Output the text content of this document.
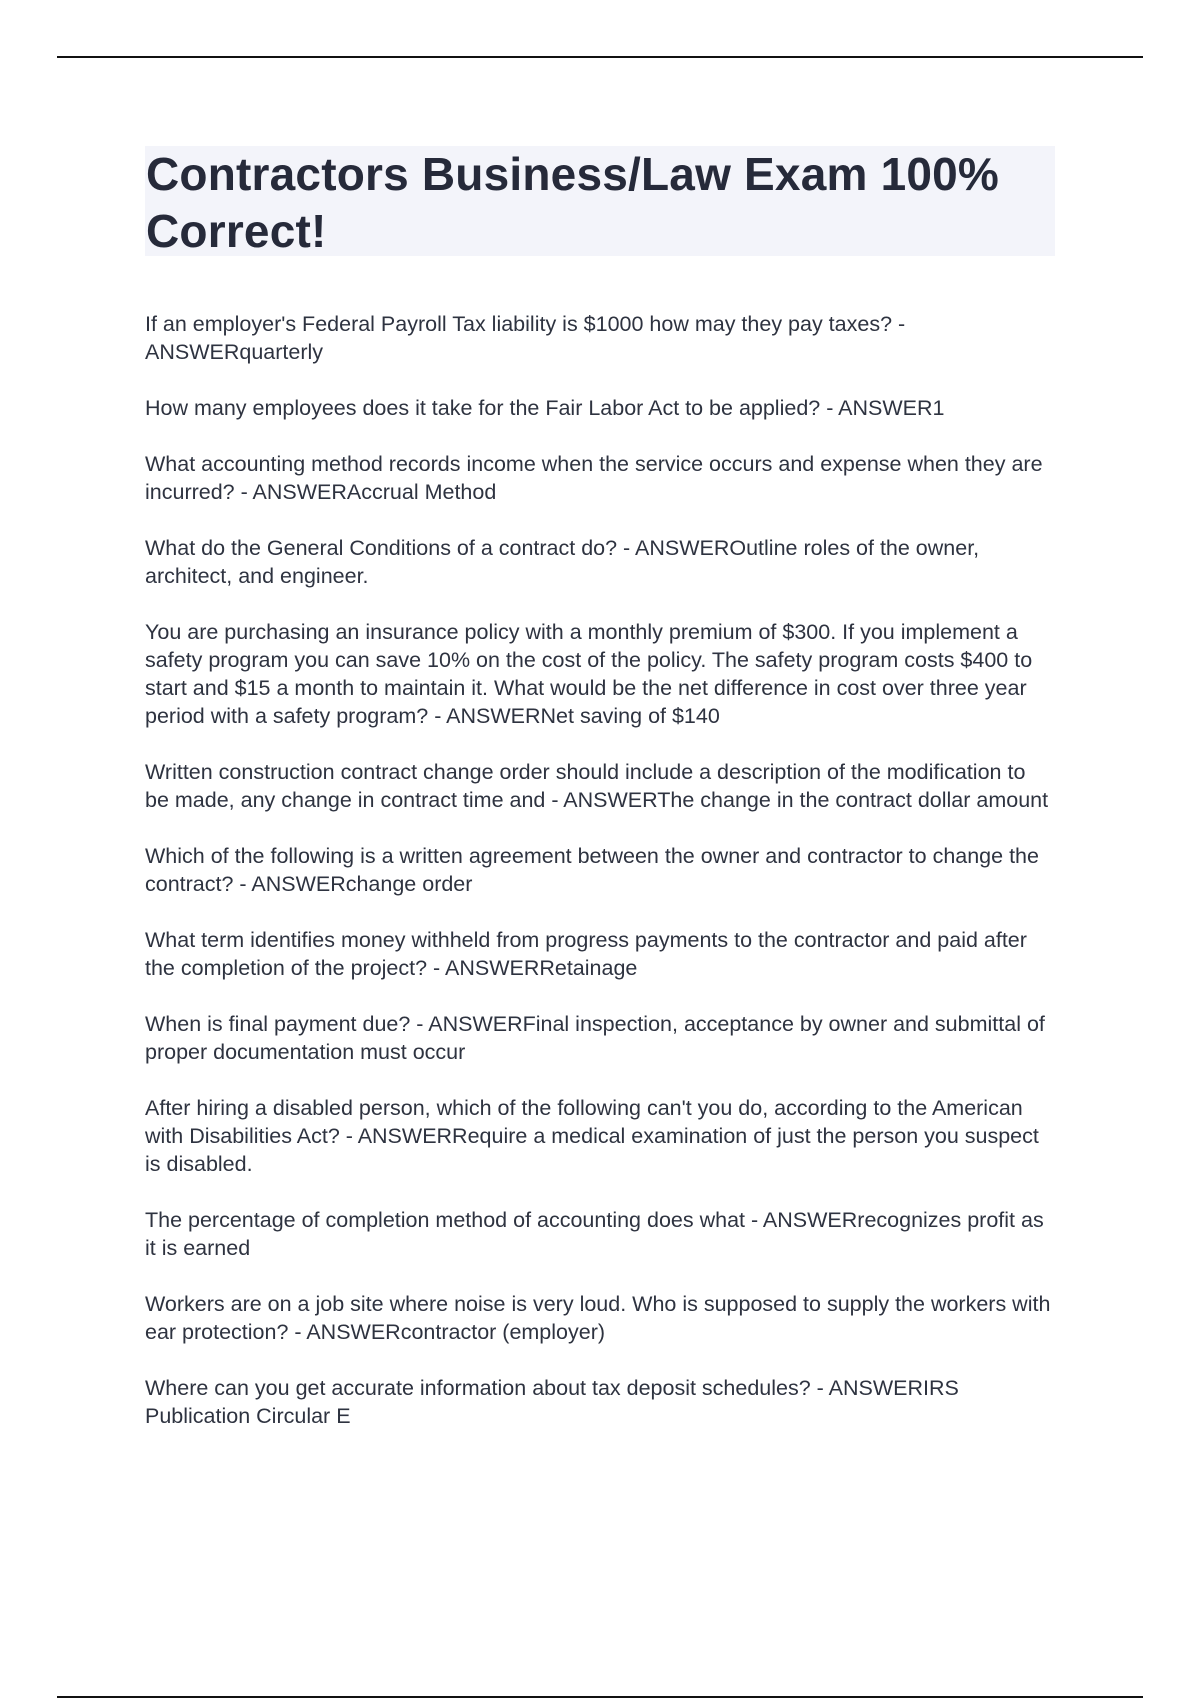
Contractors Business/Law Exam 100% Correct!

If an employer's Federal Payroll Tax liability is $1000 how may they pay taxes? - ANSWERquarterly

How many employees does it take for the Fair Labor Act to be applied? - ANSWER1

What accounting method records income when the service occurs and expense when they are incurred? - ANSWERAccrual Method

What do the General Conditions of a contract do? - ANSWEROutline roles of the owner, architect, and engineer.

You are purchasing an insurance policy with a monthly premium of $300. If you implement a safety program you can save 10% on the cost of the policy. The safety program costs $400 to start and $15 a month to maintain it. What would be the net difference in cost over three year period with a safety program? - ANSWERNet saving of $140

Written construction contract change order should include a description of the modification to be made, any change in contract time and - ANSWERThe change in the contract dollar amount

Which of the following is a written agreement between the owner and contractor to change the contract? - ANSWERchange order

What term identifies money withheld from progress payments to the contractor and paid after the completion of the project? - ANSWERRetainage

When is final payment due? - ANSWERFinal inspection, acceptance by owner and submittal of proper documentation must occur

After hiring a disabled person, which of the following can't you do, according to the American with Disabilities Act? - ANSWERRequire a medical examination of just the person you suspect is disabled.

The percentage of completion method of accounting does what - ANSWERrecognizes profit as it is earned

Workers are on a job site where noise is very loud. Who is supposed to supply the workers with ear protection? - ANSWERcontractor (employer)

Where can you get accurate information about tax deposit schedules? - ANSWERIRS Publication Circular E
